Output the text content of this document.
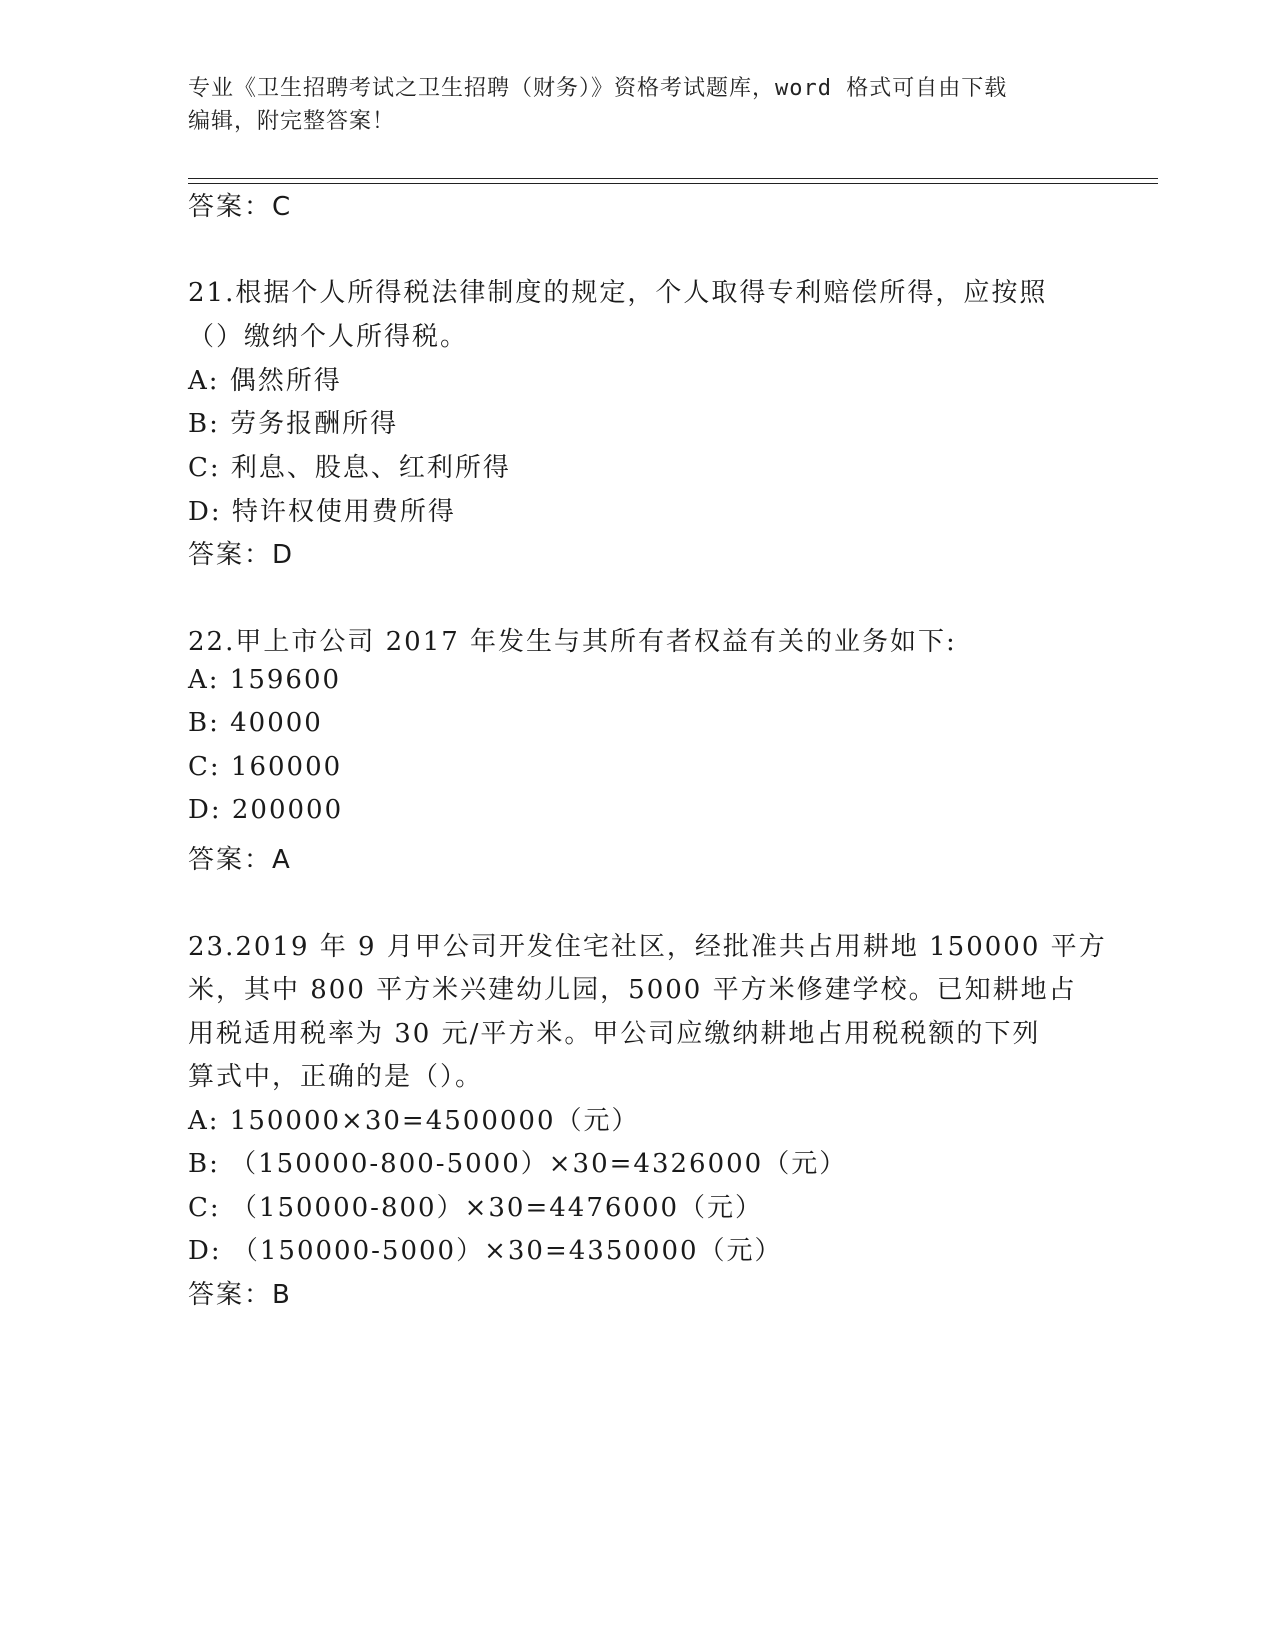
专业《卫生招聘考试之卫生招聘（财务）》资格考试题库，word 格式可自由下载
编辑，附完整答案！
答案：C
21.根据个人所得税法律制度的规定，个人取得专利赔偿所得，应按照
（）缴纳个人所得税。
A: 偶然所得
B: 劳务报酬所得
C: 利息、股息、红利所得
D: 特许权使用费所得
答案：D
22.甲上市公司 2017 年发生与其所有者权益有关的业务如下:
A: 159600
B: 40000
C: 160000
D: 200000
答案：A
23.2019 年 9 月甲公司开发住宅社区，经批准共占用耕地 150000 平方
米，其中 800 平方米兴建幼儿园，5000 平方米修建学校。已知耕地占
用税适用税率为 30 元/平方米。甲公司应缴纳耕地占用税税额的下列
算式中，正确的是（）。
A: 150000×30=4500000（元）
B: （150000-800-5000）×30=4326000（元）
C: （150000-800）×30=4476000（元）
D: （150000-5000）×30=4350000（元）
答案：B
